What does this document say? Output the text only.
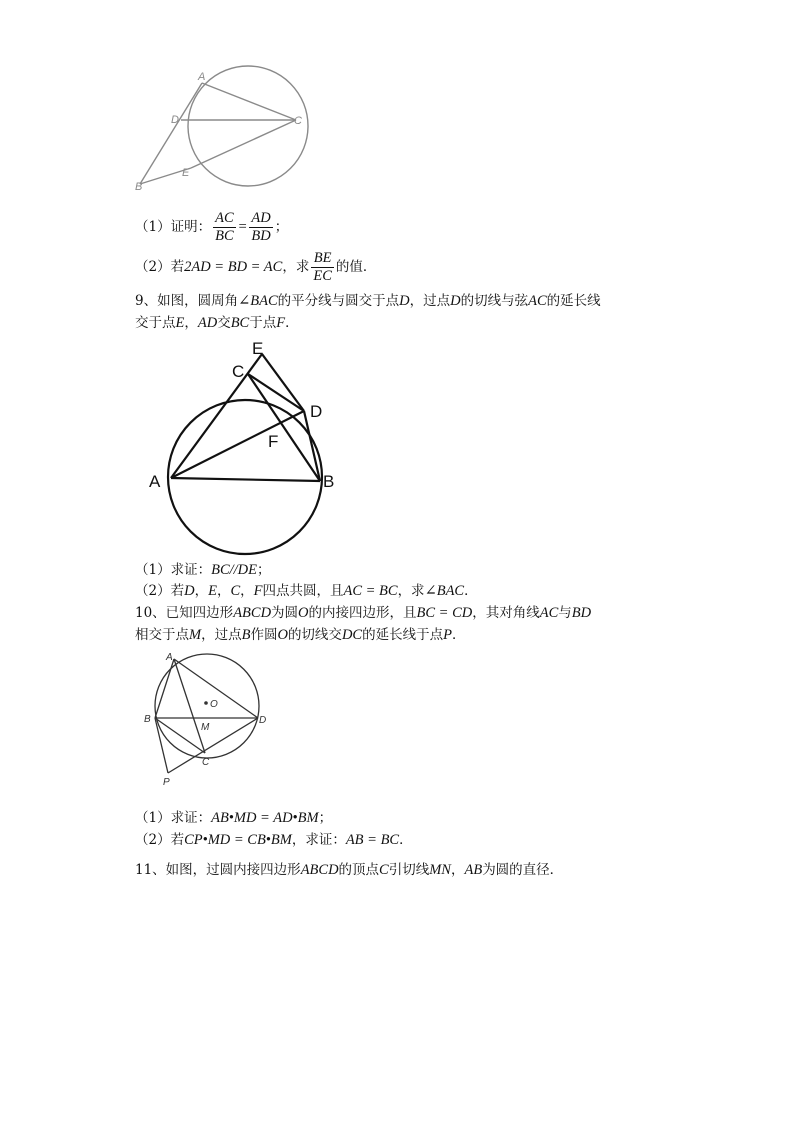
A
D	C
E
B
（1）证明： $\frac{AC}{BC} = \frac{AD}{BD}$ ；
（2）若2AD = BD = AC，求 $\frac{BE}{EC}$ 的值．
9、如图，圆周角∠BAC的平分线与圆交于点D，过点D的切线与弦AC的延长线
交于点E，AD交BC于点F．
E
C
D
F
A	B
（1）求证：BC//DE；
（2）若D，E，C，F四点共圆，且AC = BC，求∠BAC．
10、已知四边形ABCD为圆O的内接四边形，且BC = CD，其对角线AC与BD
相交于点M，过点B作圆O的切线交DC的延长线于点P．
A
O
B
M
D
C
P
（1）求证：AB•MD = AD•BM；
（2）若CP•MD = CB•BM，求证：AB = BC．
11、如图，过圆内接四边形ABCD的顶点C引切线MN，AB为圆的直径．
